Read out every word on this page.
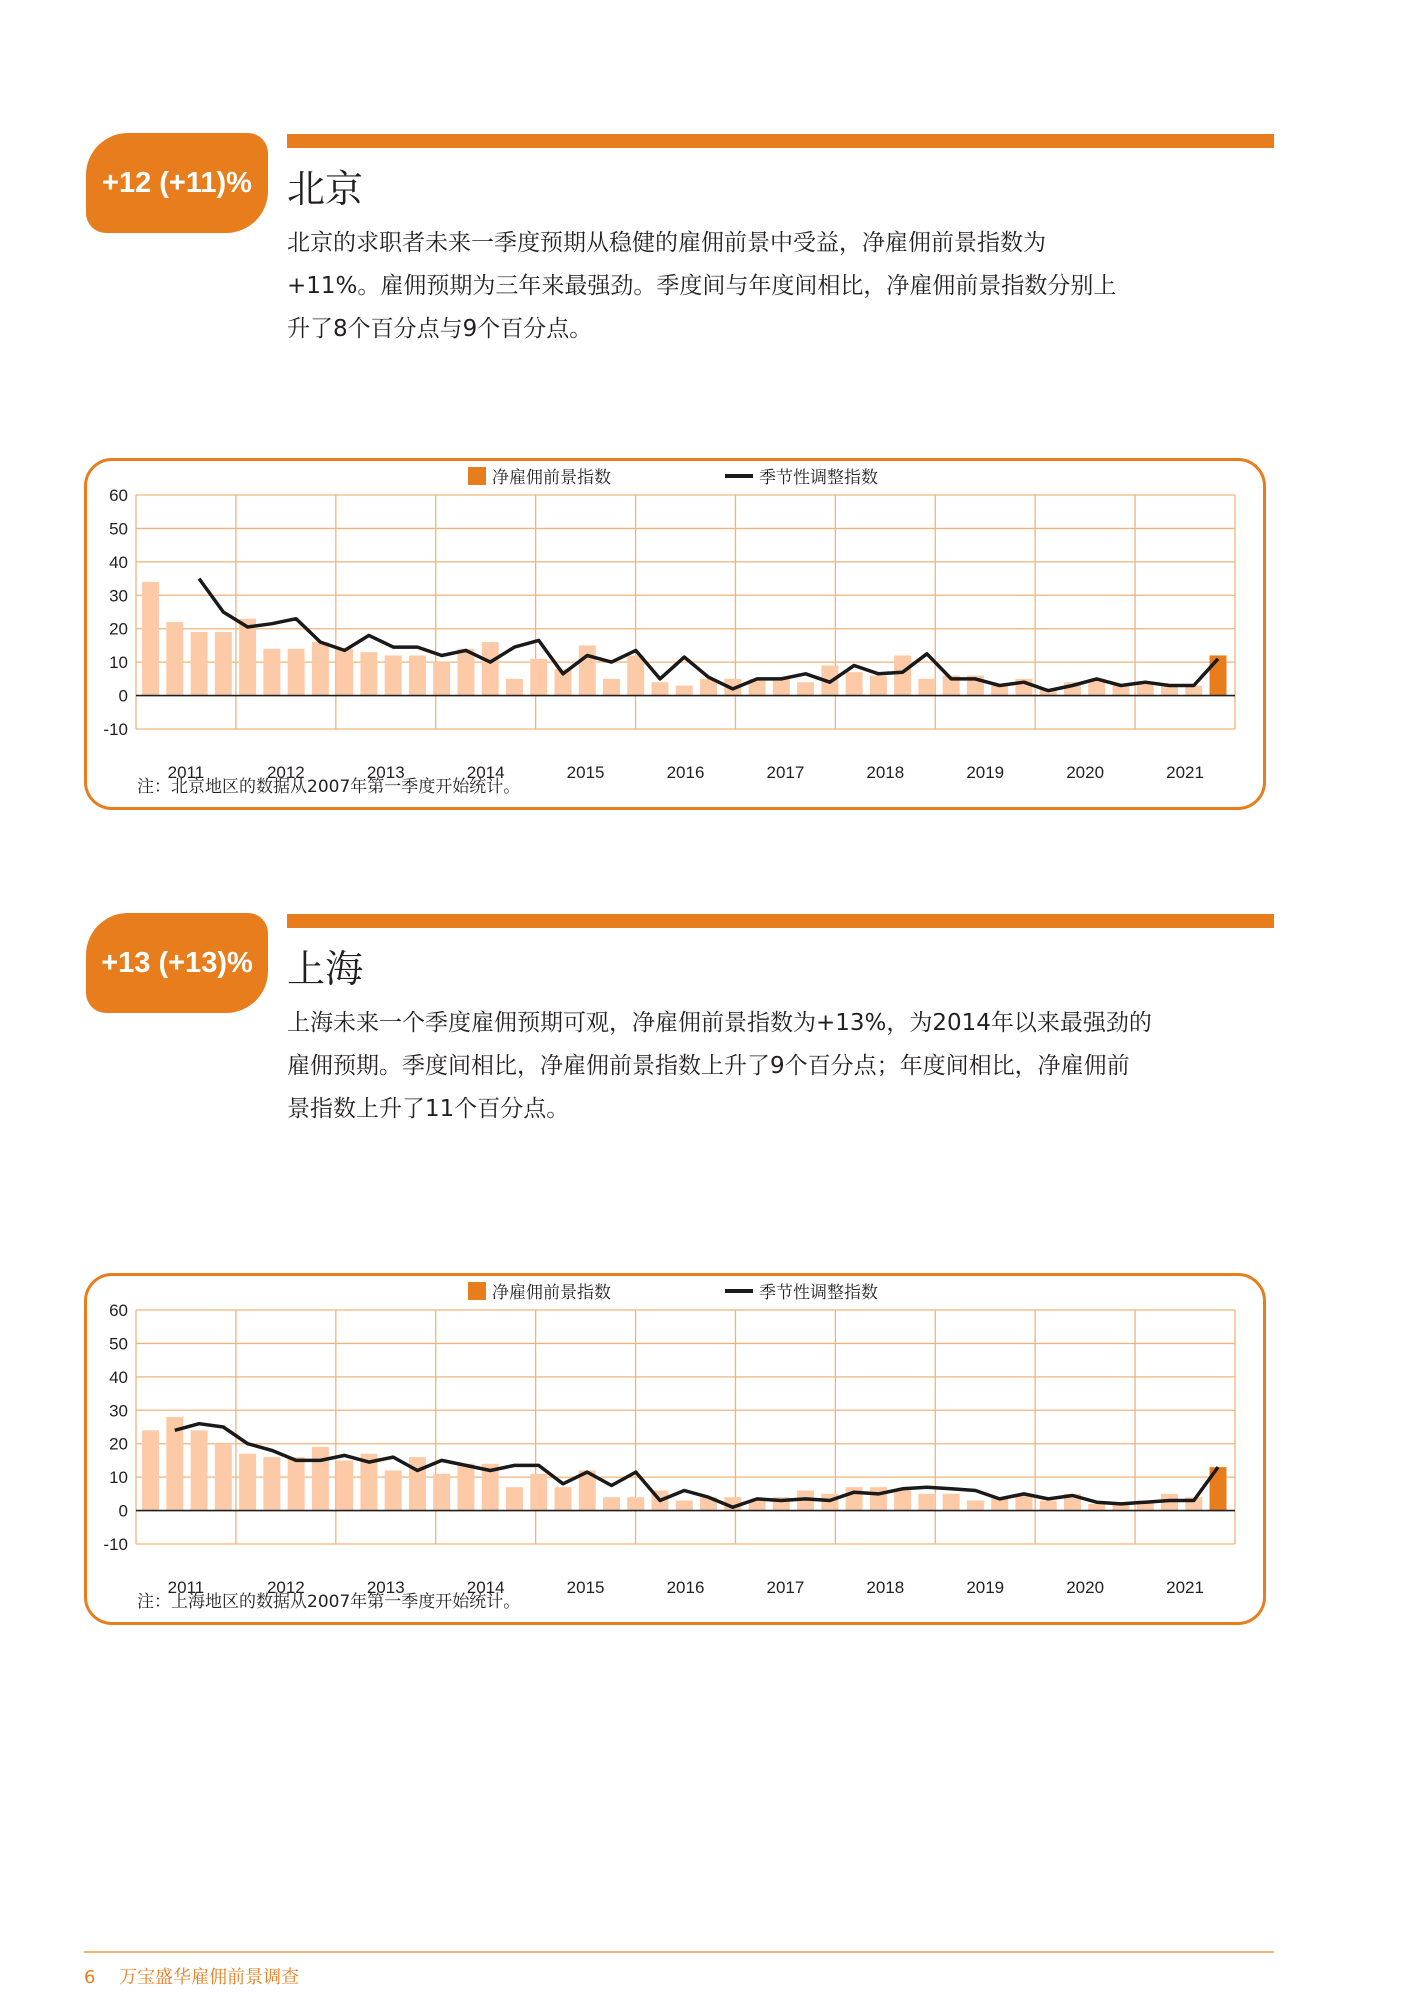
+12 (+11)% 北京

北京的求职者未来一季度预期从稳健的雇佣前景中受益，净雇佣前景指数为
+11%。雇佣预期为三年来最强劲。季度间与年度间相比，净雇佣前景指数分别上
升了8个百分点与9个百分点。

60
50
40
30
20
10
0
-10
2011	2012	2013	2014	2015	2016	2017	2018	2019	2020	2021
净雇佣前景指数	季节性调整指数
注：北京地区的数据从2007年第一季度开始统计。
+13 (+13)% 上海

上海未来一个季度雇佣预期可观，净雇佣前景指数为+13%，为2014年以来最强劲的
雇佣预期。季度间相比，净雇佣前景指数上升了9个百分点；年度间相比，净雇佣前
景指数上升了11个百分点。

60
50
40
30
20
10
0
-10
2011	2012	2013	2014	2015	2016	2017	2018	2019	2020	2021
净雇佣前景指数	季节性调整指数
注：上海地区的数据从2007年第一季度开始统计。
6 万宝盛华雇佣前景调查
